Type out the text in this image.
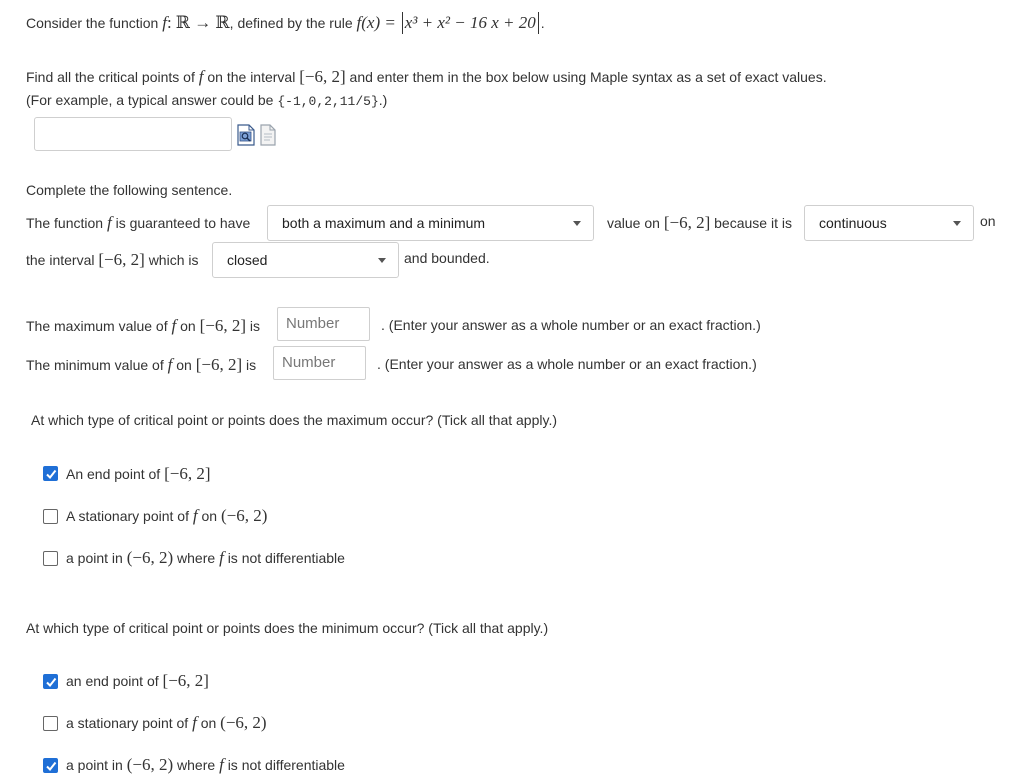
Consider the function f: ℝ → ℝ, defined by the rule f(x) = x³ + x² − 16 x + 20 .
Find all the critical points of f on the interval [−6, 2] and enter them in the box below using Maple syntax as a set of exact values.
(For example, a typical answer could be {-1,0,2,11/5}.)
Complete the following sentence.
The function f is guaranteed to have	both a maximum and a minimum	value on [−6, 2] because it is	continuous	on
the interval [−6, 2] which is	closed	and bounded.
The maximum value of f on [−6, 2] is	Number	. (Enter your answer as a whole number or an exact fraction.)
The minimum value of f on [−6, 2] is	Number	. (Enter your answer as a whole number or an exact fraction.)
At which type of critical point or points does the maximum occur? (Tick all that apply.)
An end point of [−6, 2]
A stationary point of f on (−6, 2)
a point in (−6, 2) where f is not differentiable
At which type of critical point or points does the minimum occur? (Tick all that apply.)
an end point of [−6, 2]
a stationary point of f on (−6, 2)
a point in (−6, 2) where f is not differentiable
